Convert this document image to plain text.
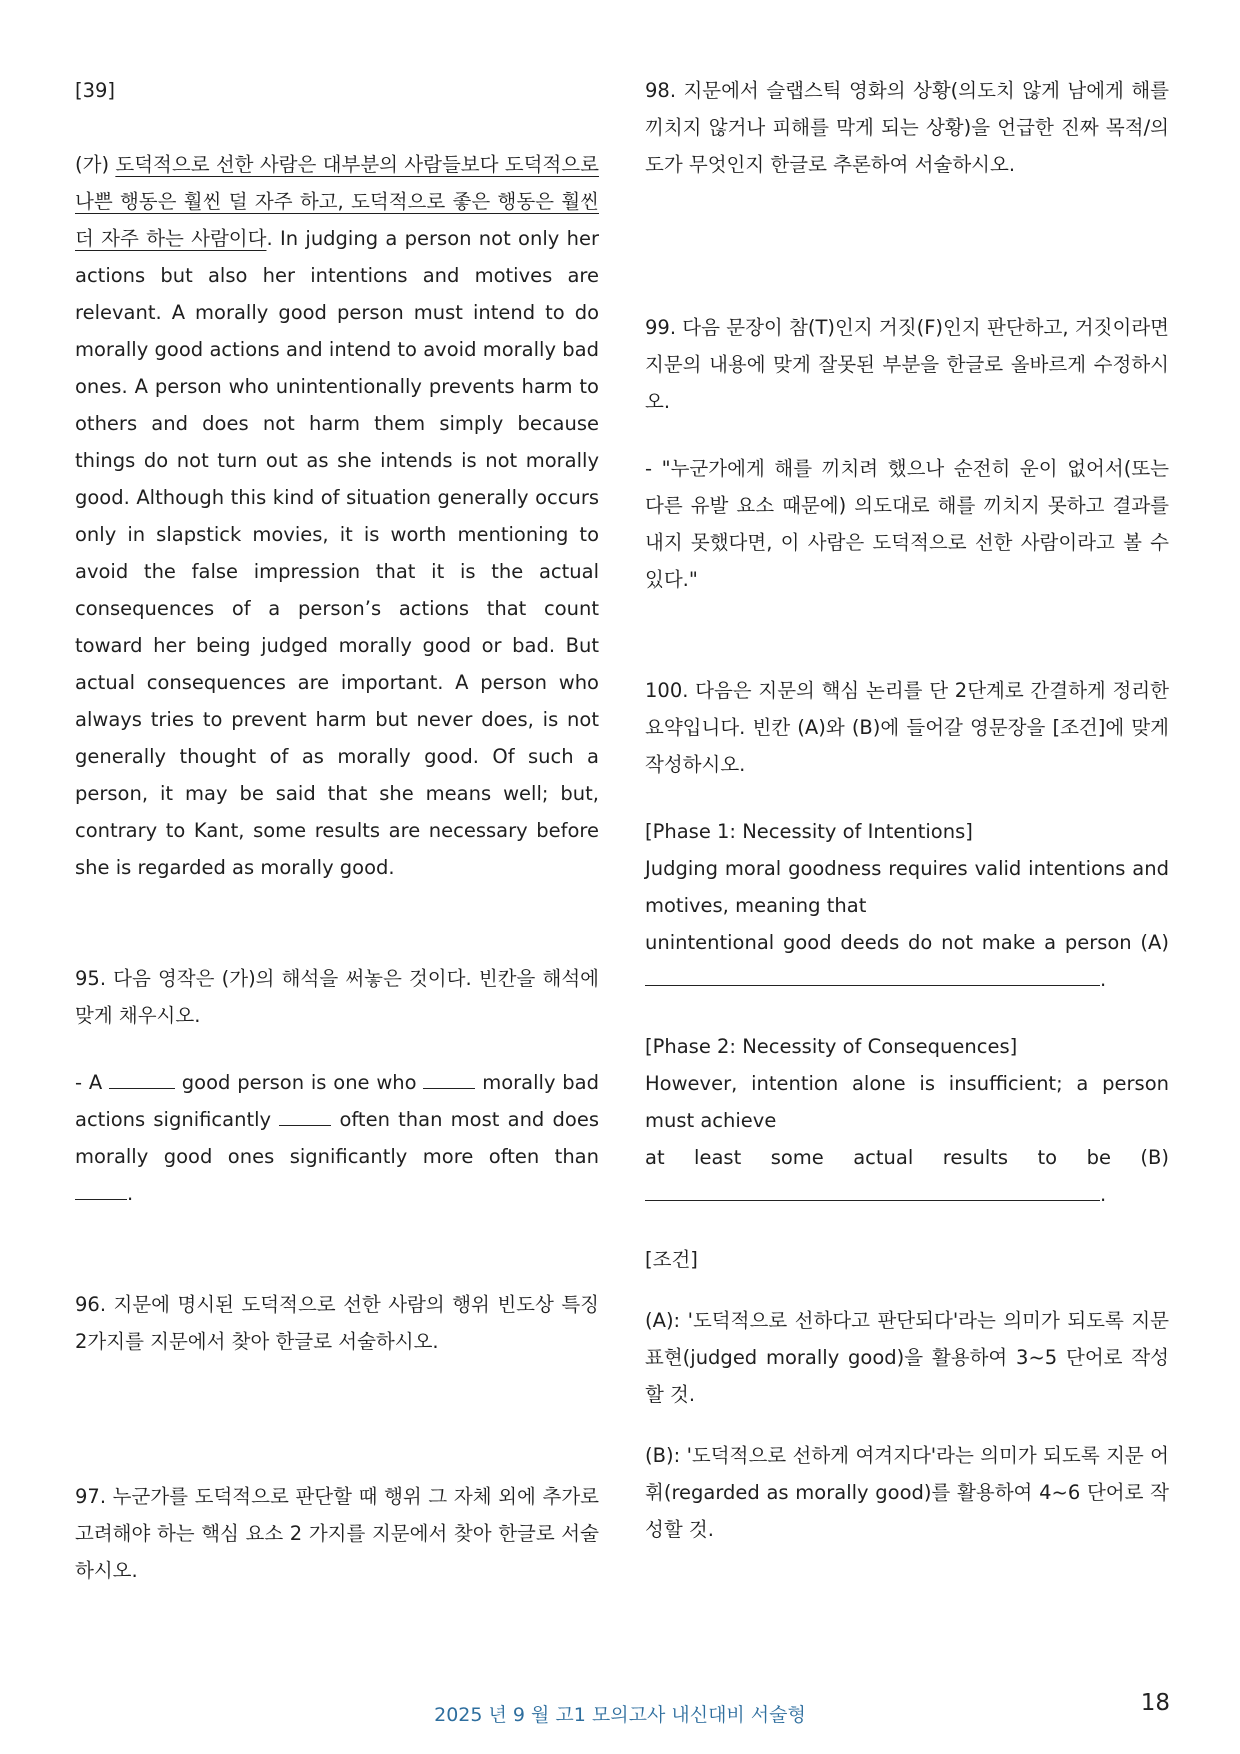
[39]

(가) 도덕적으로 선한 사람은 대부분의 사람들보다 도덕적으로 나쁜 행동은 훨씬 덜 자주 하고, 도덕적으로 좋은 행동은 훨씬 더 자주 하는 사람이다. In judging a person not only her actions but also her intentions and motives are relevant. A morally good person must intend to do morally good actions and intend to avoid morally bad ones. A person who unintentionally prevents harm to others and does not harm them simply because things do not turn out as she intends is not morally good. Although this kind of situation generally occurs only in slapstick movies, it is worth mentioning to avoid the false impression that it is the actual consequences of a person’s actions that count toward her being judged morally good or bad. But actual consequences are important. A person who always tries to prevent harm but never does, is not generally thought of as morally good. Of such a person, it may be said that she means well; but, contrary to Kant, some results are necessary before she is regarded as morally good.

95. 다음 영작은 (가)의 해석을 써놓은 것이다. 빈칸을 해석에 맞게 채우시오.

- A	good person is one who	morally bad actions significantly	often than most and does morally good ones significantly more often than .

96. 지문에 명시된 도덕적으로 선한 사람의 행위 빈도상 특징 2가지를 지문에서 찾아 한글로 서술하시오.

97. 누군가를 도덕적으로 판단할 때 행위 그 자체 외에 추가로 고려해야 하는 핵심 요소 2 가지를 지문에서 찾아 한글로 서술하시오.

98. 지문에서 슬랩스틱 영화의 상황(의도치 않게 남에게 해를 끼치지 않거나 피해를 막게 되는 상황)을 언급한 진짜 목적/의도가 무엇인지 한글로 추론하여 서술하시오.

99. 다음 문장이 참(T)인지 거짓(F)인지 판단하고, 거짓이라면 지문의 내용에 맞게 잘못된 부분을 한글로 올바르게 수정하시오.

- "누군가에게 해를 끼치려 했으나 순전히 운이 없어서(또는 다른 유발 요소 때문에) 의도대로 해를 끼치지 못하고 결과를 내지 못했다면, 이 사람은 도덕적으로 선한 사람이라고 볼 수 있다."

100. 다음은 지문의 핵심 논리를 단 2단계로 간결하게 정리한 요약입니다. 빈칸 (A)와 (B)에 들어갈 영문장을 [조건]에 맞게 작성하시오.

[Phase 1: Necessity of Intentions]

Judging moral goodness requires valid intentions and motives, meaning that

unintentional good deeds do not make a person (A)

.

[Phase 2: Necessity of Consequences]

However, intention alone is insufficient; a person must achieve

at least some actual results to be (B)

.

[조건]

(A): '도덕적으로 선하다고 판단되다'라는 의미가 되도록 지문 표현(judged morally good)을 활용하여 3~5 단어로 작성할 것.

(B): '도덕적으로 선하게 여겨지다'라는 의미가 되도록 지문 어휘(regarded as morally good)를 활용하여 4~6 단어로 작성할 것.

2025 년 9 월 고1 모의고사 내신대비 서술형	18
